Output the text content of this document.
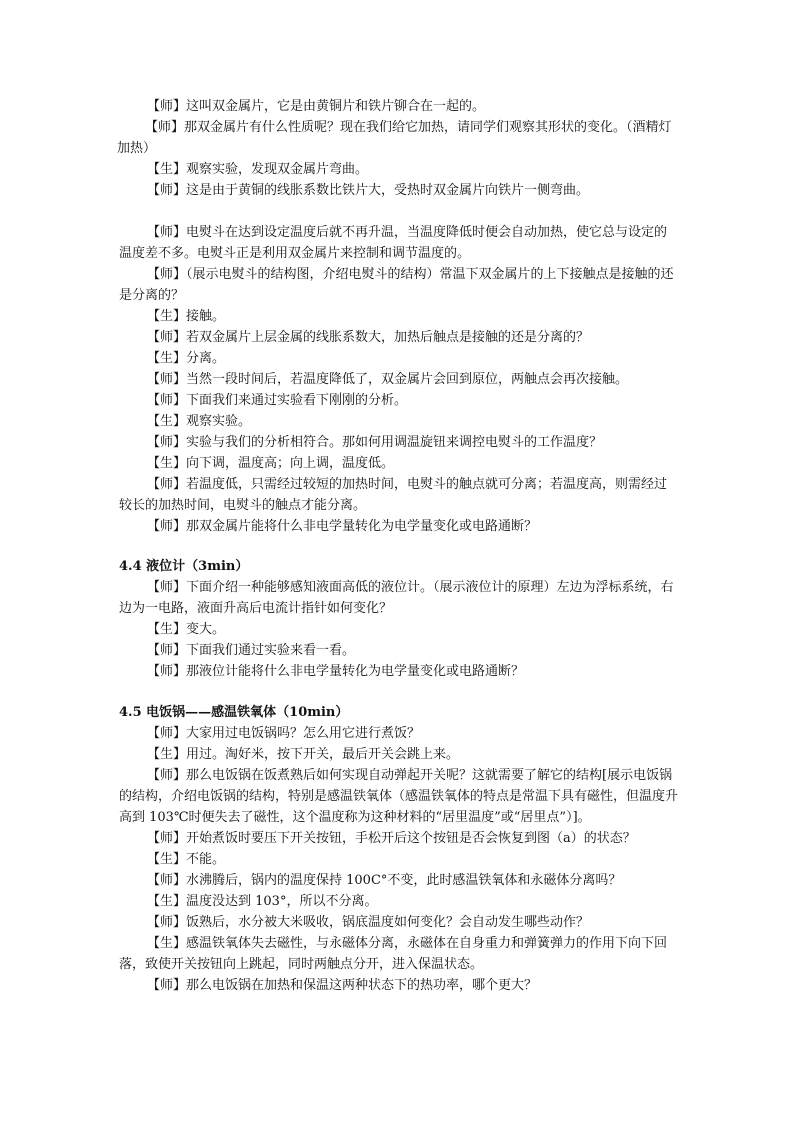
【师】这叫双金属片，它是由黄铜片和铁片铆合在一起的。

【师】那双金属片有什么性质呢？现在我们给它加热，请同学们观察其形状的变化。（酒精灯加热）

【生】观察实验，发现双金属片弯曲。

【师】这是由于黄铜的线胀系数比铁片大，受热时双金属片向铁片一侧弯曲。

【师】电熨斗在达到设定温度后就不再升温，当温度降低时便会自动加热，使它总与设定的温度差不多。电熨斗正是利用双金属片来控制和调节温度的。

【师】（展示电熨斗的结构图，介绍电熨斗的结构）常温下双金属片的上下接触点是接触的还是分离的？

【生】接触。

【师】若双金属片上层金属的线胀系数大，加热后触点是接触的还是分离的？

【生】分离。

【师】当然一段时间后，若温度降低了，双金属片会回到原位，两触点会再次接触。

【师】下面我们来通过实验看下刚刚的分析。

【生】观察实验。

【师】实验与我们的分析相符合。那如何用调温旋钮来调控电熨斗的工作温度？

【生】向下调，温度高；向上调，温度低。

【师】若温度低，只需经过较短的加热时间，电熨斗的触点就可分离；若温度高，则需经过较长的加热时间，电熨斗的触点才能分离。

【师】那双金属片能将什么非电学量转化为电学量变化或电路通断？

4.4 液位计（3min）

【师】下面介绍一种能够感知液面高低的液位计。（展示液位计的原理）左边为浮标系统，右边为一电路，液面升高后电流计指针如何变化？

【生】变大。

【师】下面我们通过实验来看一看。

【师】那液位计能将什么非电学量转化为电学量变化或电路通断？

4.5 电饭锅——感温铁氧体（10min）

【师】大家用过电饭锅吗？怎么用它进行煮饭？

【生】用过。淘好米，按下开关，最后开关会跳上来。

【师】那么电饭锅在饭煮熟后如何实现自动弹起开关呢？这就需要了解它的结构[展示电饭锅的结构，介绍电饭锅的结构，特别是感温铁氧体（感温铁氧体的特点是常温下具有磁性，但温度升高到 103℃时便失去了磁性，这个温度称为这种材料的“居里温度”或“居里点”）]。

【师】开始煮饭时要压下开关按钮，手松开后这个按钮是否会恢复到图（a）的状态？

【生】不能。

【师】水沸腾后，锅内的温度保持 100C°不变，此时感温铁氧体和永磁体分离吗？

【生】温度没达到 103°，所以不分离。

【师】饭熟后，水分被大米吸收，锅底温度如何变化？会自动发生哪些动作？

【生】感温铁氧体失去磁性，与永磁体分离，永磁体在自身重力和弹簧弹力的作用下向下回落，致使开关按钮向上跳起，同时两触点分开，进入保温状态。

【师】那么电饭锅在加热和保温这两种状态下的热功率，哪个更大？
